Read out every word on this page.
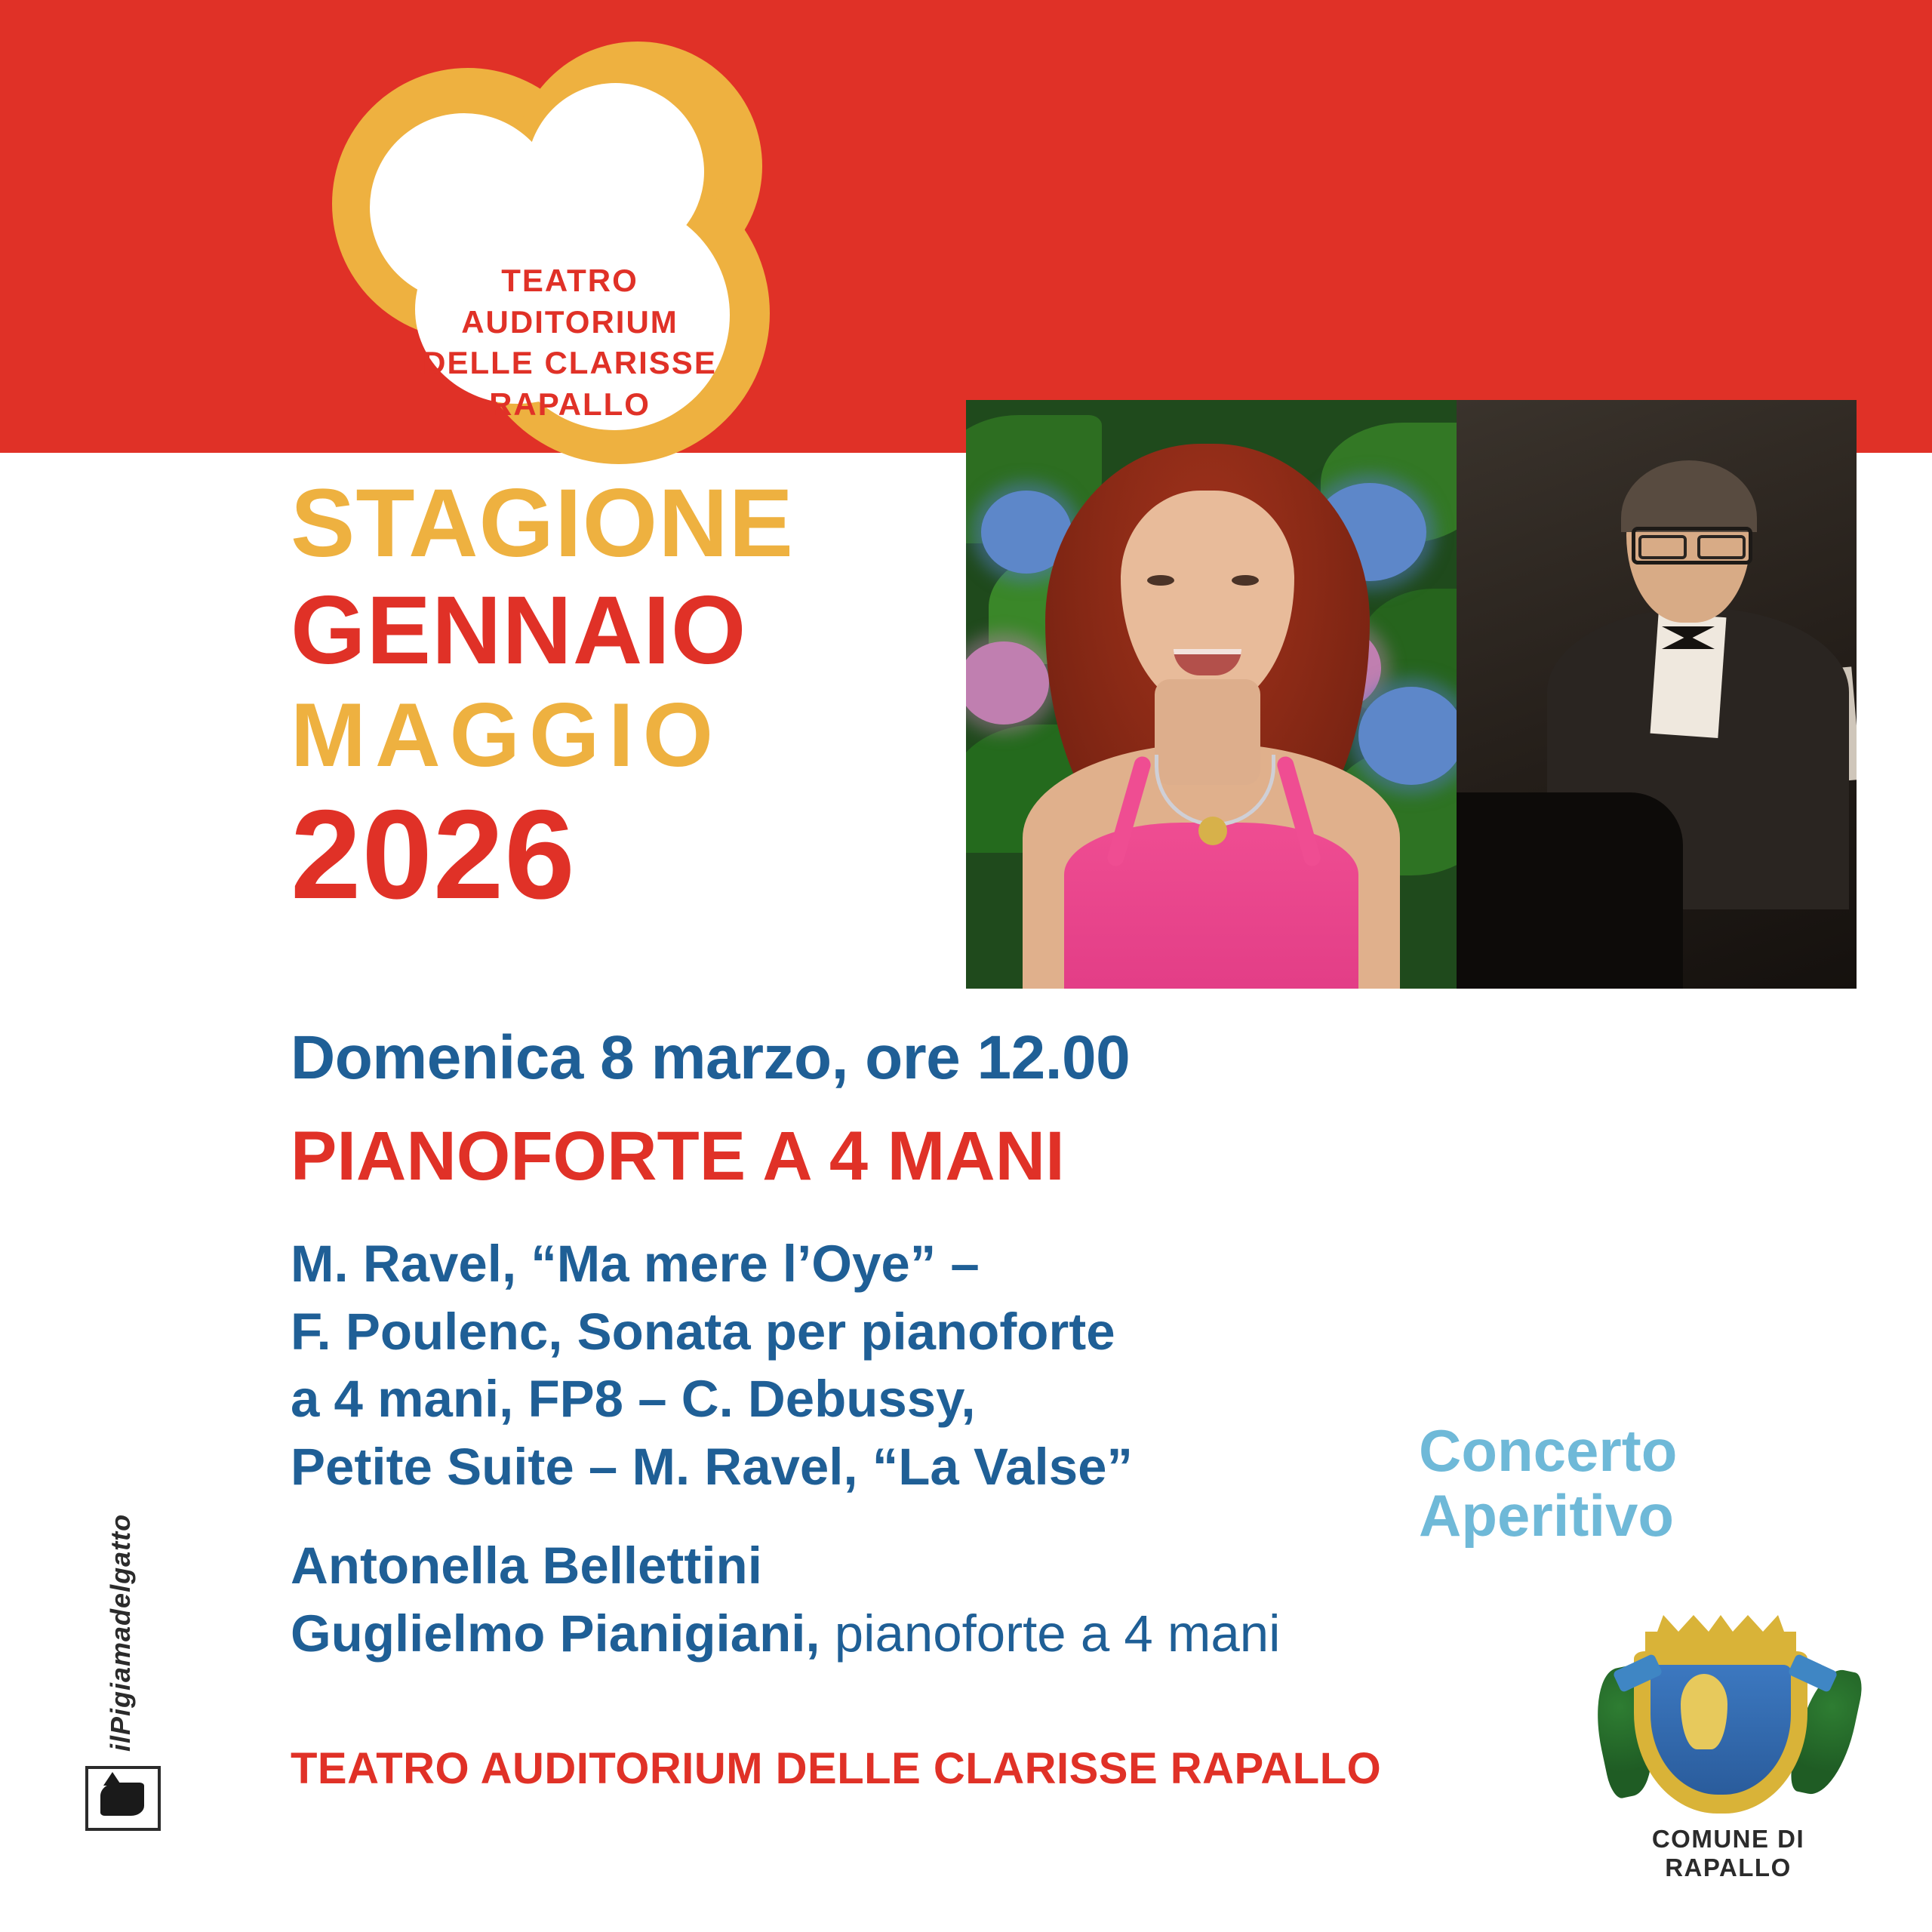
TEATRO
AUDITORIUM
DELLE CLARISSE
RAPALLO
STAGIONE
GENNAIO
MAGGIO
2026
Domenica 8 marzo, ore 12.00
PIANOFORTE A 4 MANI
M. Ravel, “Ma mere l’Oye” –
F. Poulenc, Sonata per pianoforte
a 4 mani, FP8 – C. Debussy,
Petite Suite – M. Ravel, “La Valse”
Antonella Bellettini
Guglielmo Pianigiani, pianoforte a 4 mani
Concerto
Aperitivo
TEATRO AUDITORIUM DELLE CLARISSE RAPALLO
ilPigiamadelgatto
COMUNE DI RAPALLO
